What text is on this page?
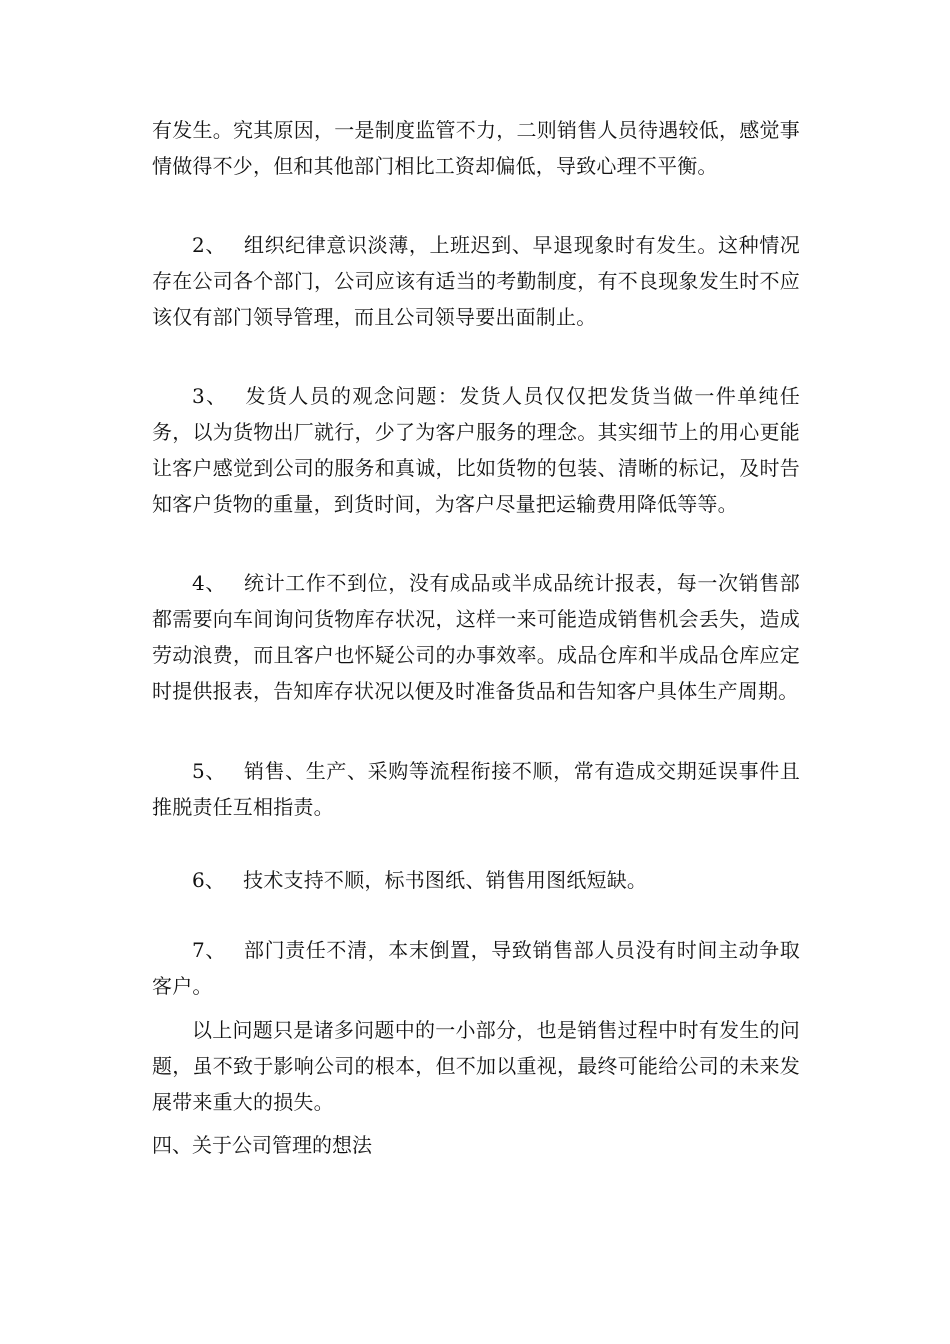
有发生。究其原因，一是制度监管不力，二则销售人员待遇较低，感觉事情做得不少，但和其他部门相比工资却偏低，导致心理不平衡。

2、 组织纪律意识淡薄，上班迟到、早退现象时有发生。这种情况存在公司各个部门，公司应该有适当的考勤制度，有不良现象发生时不应该仅有部门领导管理，而且公司领导要出面制止。

3、 发货人员的观念问题：发货人员仅仅把发货当做一件单纯任务，以为货物出厂就行，少了为客户服务的理念。其实细节上的用心更能让客户感觉到公司的服务和真诚，比如货物的包装、清晰的标记，及时告知客户货物的重量，到货时间，为客户尽量把运输费用降低等等。

4、 统计工作不到位，没有成品或半成品统计报表，每一次销售部都需要向车间询问货物库存状况，这样一来可能造成销售机会丢失，造成劳动浪费，而且客户也怀疑公司的办事效率。成品仓库和半成品仓库应定时提供报表，告知库存状况以便及时准备货品和告知客户具体生产周期。

5、 销售、生产、采购等流程衔接不顺，常有造成交期延误事件且推脱责任互相指责。

6、 技术支持不顺，标书图纸、销售用图纸短缺。

7、 部门责任不清，本末倒置，导致销售部人员没有时间主动争取客户。

以上问题只是诸多问题中的一小部分，也是销售过程中时有发生的问题，虽不致于影响公司的根本，但不加以重视，最终可能给公司的未来发展带来重大的损失。

四、关于公司管理的想法
